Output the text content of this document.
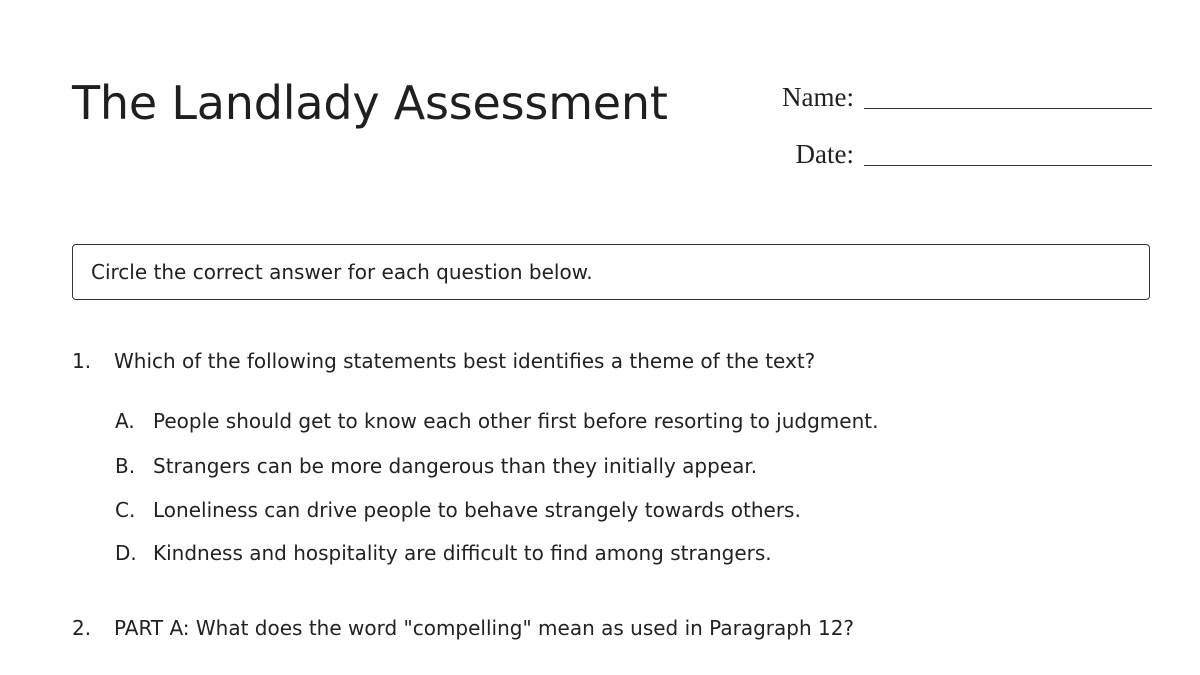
The Landlady Assessment	Name:
Date:
Circle the correct answer for each question below.
1.	Which of the following statements best identifies a theme of the text?
A. People should get to know each other first before resorting to judgment.
B. Strangers can be more dangerous than they initially appear.
C. Loneliness can drive people to behave strangely towards others.
D. Kindness and hospitality are difficult to find among strangers.
2.	PART A: What does the word "compelling" mean as used in Paragraph 12?
